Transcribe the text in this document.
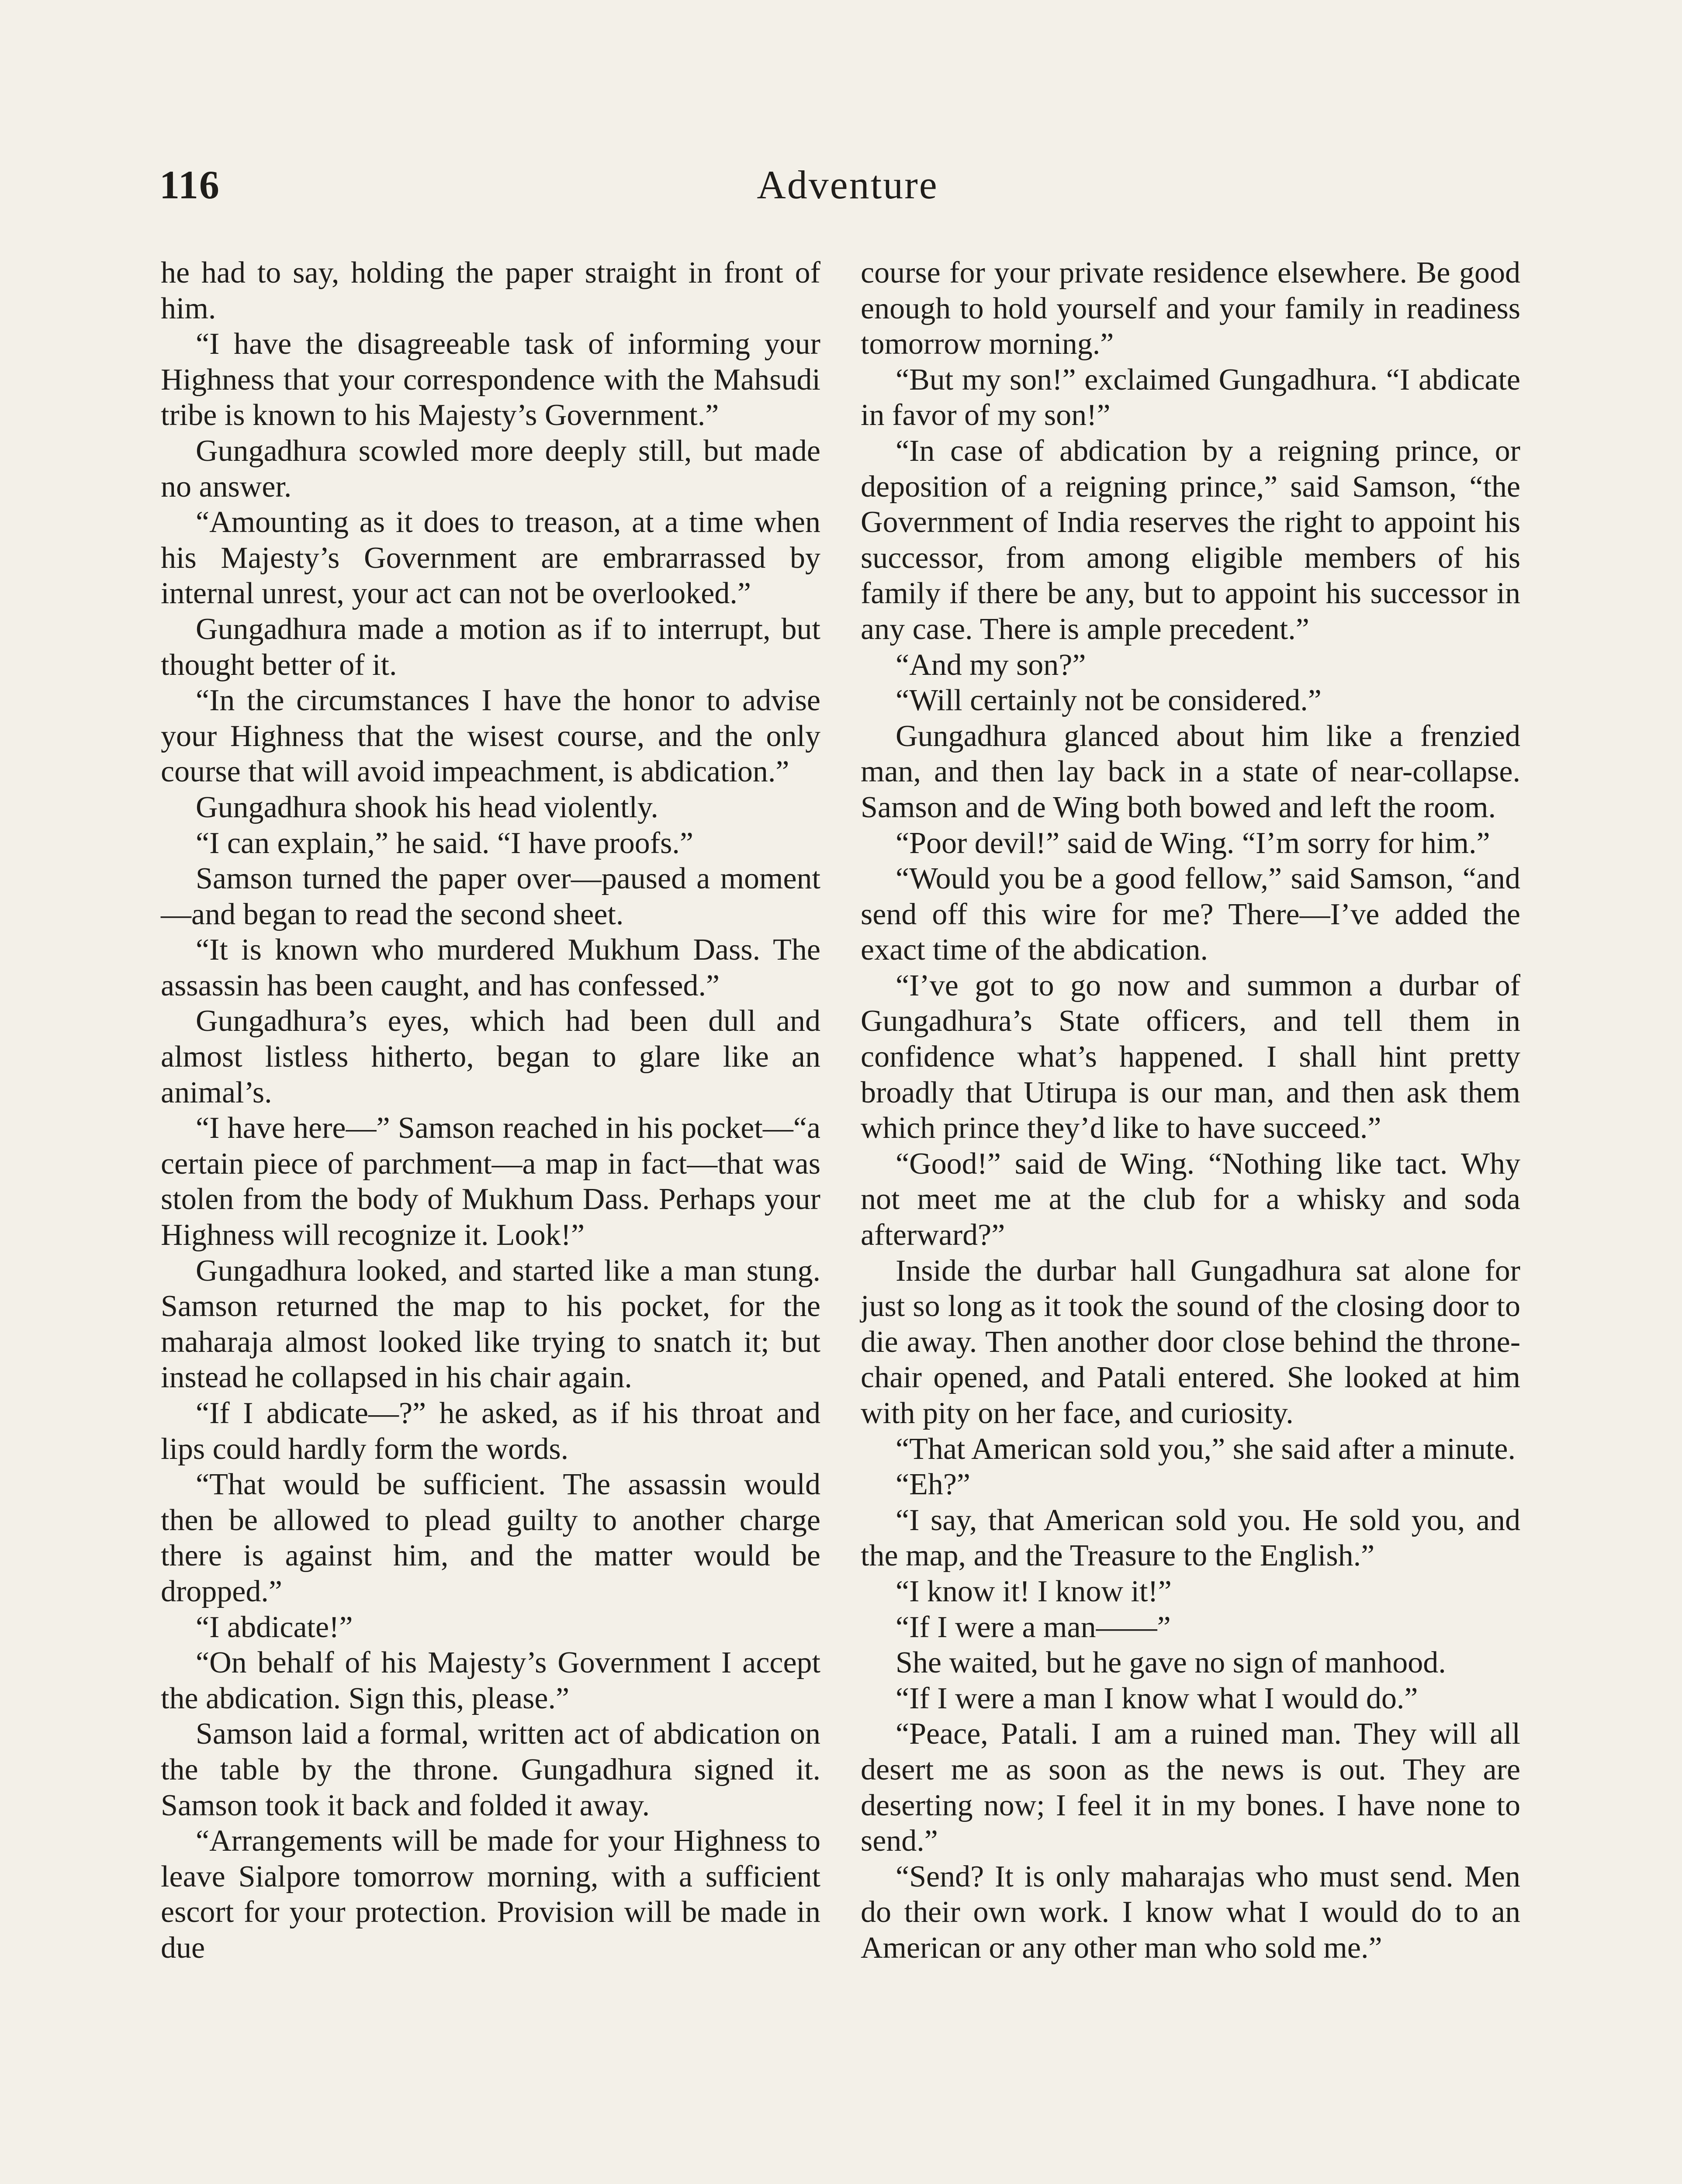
116	Adventure

he had to say, holding the paper straight in front of him.

“I have the disagreeable task of informing your Highness that your correspondence with the Mahsudi tribe is known to his Majesty’s Government.”

Gungadhura scowled more deeply still, but made no answer.

“Amounting as it does to treason, at a time when his Majesty’s Government are embrarrassed by internal unrest, your act can not be overlooked.”

Gungadhura made a motion as if to interrupt, but thought better of it.

“In the circumstances I have the honor to advise your Highness that the wisest course, and the only course that will avoid impeachment, is abdication.”

Gungadhura shook his head violently.

“I can explain,” he said. “I have proofs.”

Samson turned the paper over—paused a moment—and began to read the second sheet.

“It is known who murdered Mukhum Dass. The assassin has been caught, and has confessed.”

Gungadhura’s eyes, which had been dull and almost listless hitherto, began to glare like an animal’s.

“I have here—” Samson reached in his pocket—“a certain piece of parchment—a map in fact—that was stolen from the body of Mukhum Dass. Perhaps your Highness will recognize it. Look!”

Gungadhura looked, and started like a man stung. Samson returned the map to his pocket, for the maharaja almost looked like trying to snatch it; but instead he collapsed in his chair again.

“If I abdicate—?” he asked, as if his throat and lips could hardly form the words.

“That would be sufficient. The assassin would then be allowed to plead guilty to another charge there is against him, and the matter would be dropped.”

“I abdicate!”

“On behalf of his Majesty’s Government I accept the abdication. Sign this, please.”

Samson laid a formal, written act of abdication on the table by the throne. Gungadhura signed it. Samson took it back and folded it away.

“Arrangements will be made for your Highness to leave Sialpore tomorrow morning, with a sufficient escort for your protection. Provision will be made in due

course for your private residence elsewhere. Be good enough to hold yourself and your family in readiness tomorrow morning.”

“But my son!” exclaimed Gungadhura. “I abdicate in favor of my son!”

“In case of abdication by a reigning prince, or deposition of a reigning prince,” said Samson, “the Government of India reserves the right to appoint his successor, from among eligible members of his family if there be any, but to appoint his successor in any case. There is ample precedent.”

“And my son?”

“Will certainly not be considered.”

Gungadhura glanced about him like a frenzied man, and then lay back in a state of near-collapse. Samson and de Wing both bowed and left the room.

“Poor devil!” said de Wing. “I’m sorry for him.”

“Would you be a good fellow,” said Samson, “and send off this wire for me? There—I’ve added the exact time of the abdication.

“I’ve got to go now and summon a durbar of Gungadhura’s State officers, and tell them in confidence what’s happened. I shall hint pretty broadly that Utirupa is our man, and then ask them which prince they’d like to have succeed.”

“Good!” said de Wing. “Nothing like tact. Why not meet me at the club for a whisky and soda afterward?”

Inside the durbar hall Gungadhura sat alone for just so long as it took the sound of the closing door to die away. Then another door close behind the throne-chair opened, and Patali entered. She looked at him with pity on her face, and curiosity.

“That American sold you,” she said after a minute.

“Eh?”

“I say, that American sold you. He sold you, and the map, and the Treasure to the English.”

“I know it! I know it!”

“If I were a man——”

She waited, but he gave no sign of manhood.

“If I were a man I know what I would do.”

“Peace, Patali. I am a ruined man. They will all desert me as soon as the news is out. They are deserting now; I feel it in my bones. I have none to send.”

“Send? It is only maharajas who must send. Men do their own work. I know what I would do to an American or any other man who sold me.”
